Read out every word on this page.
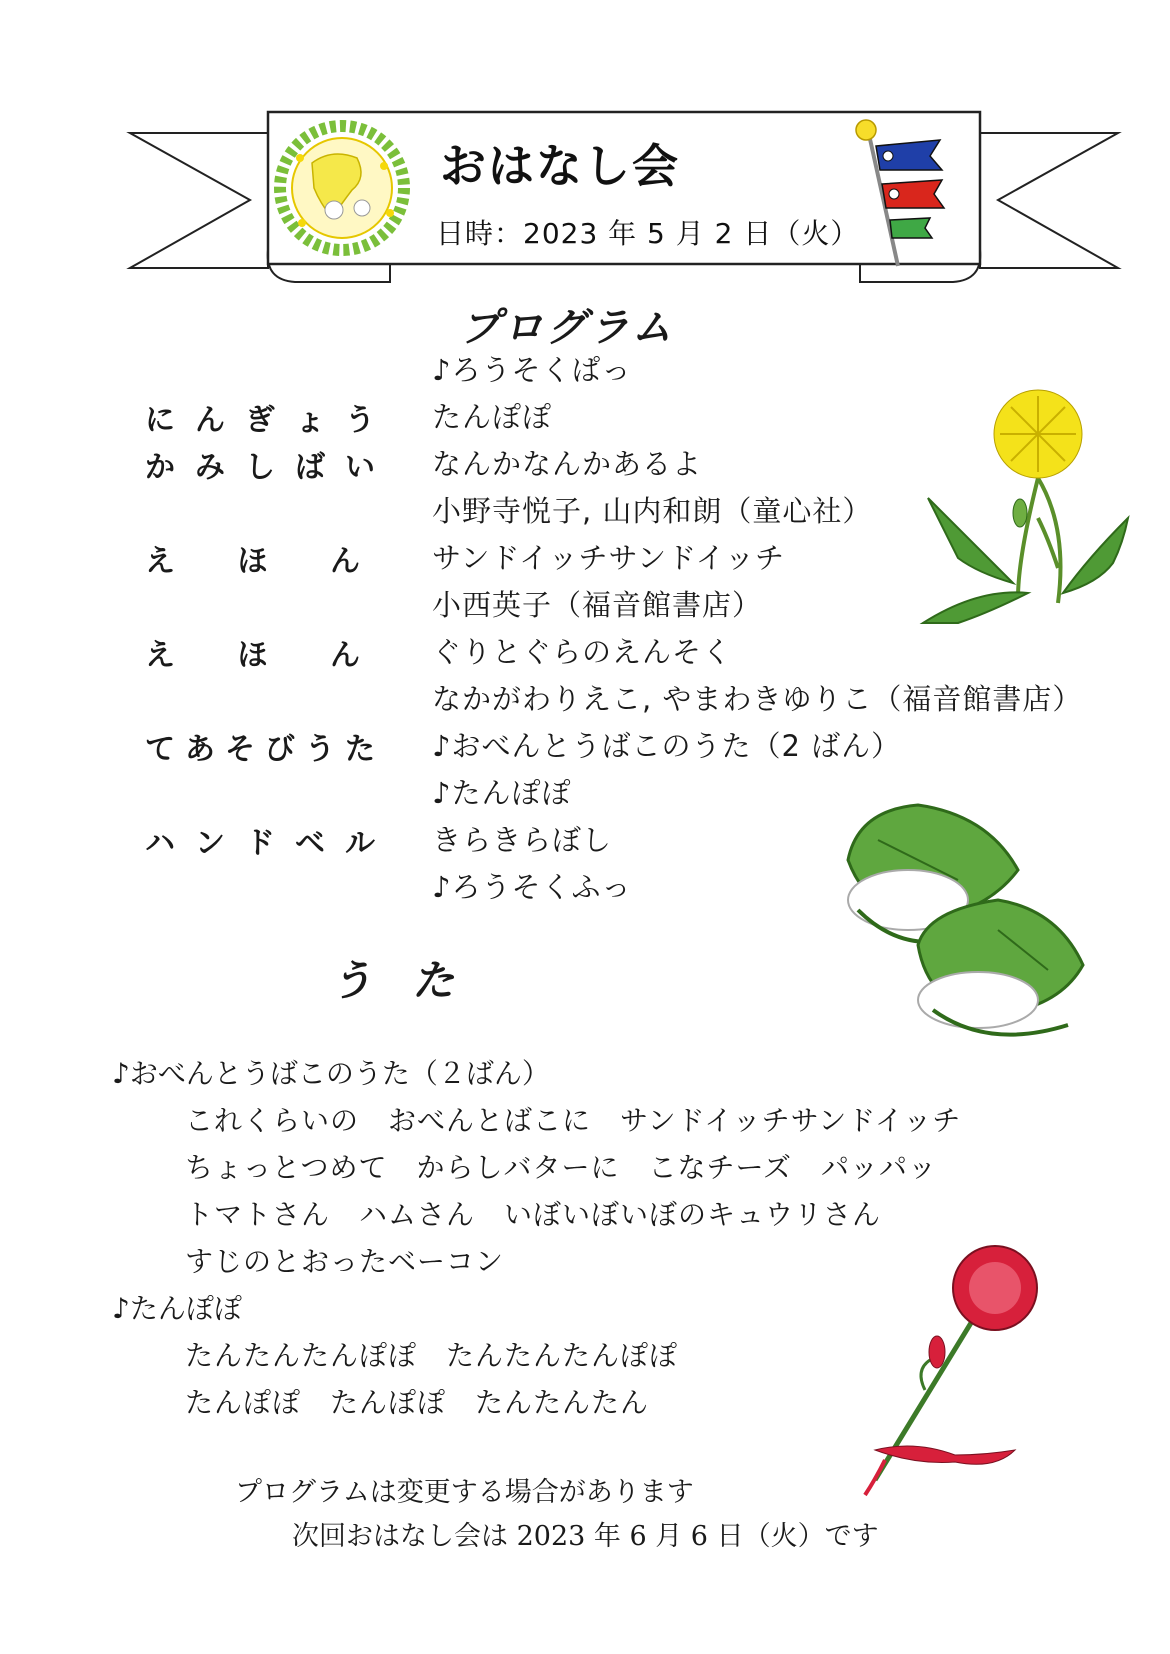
おはなし会
日時：2023 年 5 月 2 日（火）
プログラム
♪ろうそくぱっ
に ん ぎ ょ う たんぽぽ
か み し ば い なんかなんかあるよ
小野寺悦子, 山内和朗（童心社）
え ほ ん サンドイッチサンドイッチ
小西英子（福音館書店）
え ほ ん ぐりとぐらのえんそく
なかがわりえこ, やまわきゆりこ（福音館書店）
て あ そ び う た ♪おべんとうばこのうた（2 ばん）
♪たんぽぽ
ハ ン ド ベ ル きらきらぼし
♪ろうそくふっ
うた
♪おべんとうばこのうた（２ばん）
これくらいの　おべんとばこに　サンドイッチサンドイッチ
ちょっとつめて　からしバターに　こなチーズ　パッパッ
トマトさん　ハムさん　いぼいぼいぼのキュウリさん
すじのとおったベーコン
♪たんぽぽ
たんたんたんぽぽ　たんたんたんぽぽ
たんぽぽ　たんぽぽ　たんたんたん
プログラムは変更する場合があります
次回おはなし会は 2023 年 6 月 6 日（火）です
